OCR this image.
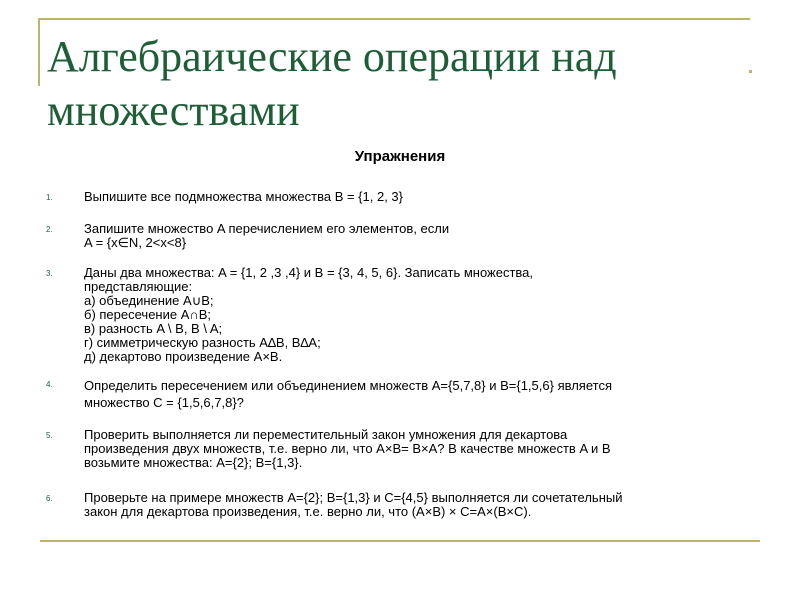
Алгебраические операции над
множествами
Упражнения
1. Выпишите все подмножества множества B = {1, 2, 3}
2. Запишите множество A перечислением его элементов, если
A = {x∈N, 2<x<8}
3. Даны два множества: A = {1, 2 ,3 ,4} и B = {3, 4, 5, 6}. Записать множества,
представляющие:
а) объединение A∪B;
б) пересечение A∩B;
в) разность A \ B, B \ A;
г) симметрическую разность A∆B, B∆A;
д) декартово произведение A×B.
4. Определить пересечением или объединением множеств A={5,7,8} и B={1,5,6} является
множество C = {1,5,6,7,8}?
5. Проверить выполняется ли переместительный закон умножения для декартова
произведения двух множеств, т.е. верно ли, что A×B= B×A? В качестве множеств A и B
возьмите множества: A={2}; B={1,3}.
6. Проверьте на примере множеств A={2}; B={1,3} и C={4,5} выполняется ли сочетательный
закон для декартова произведения, т.е. верно ли, что (A×B) × C=A×(B×C).
